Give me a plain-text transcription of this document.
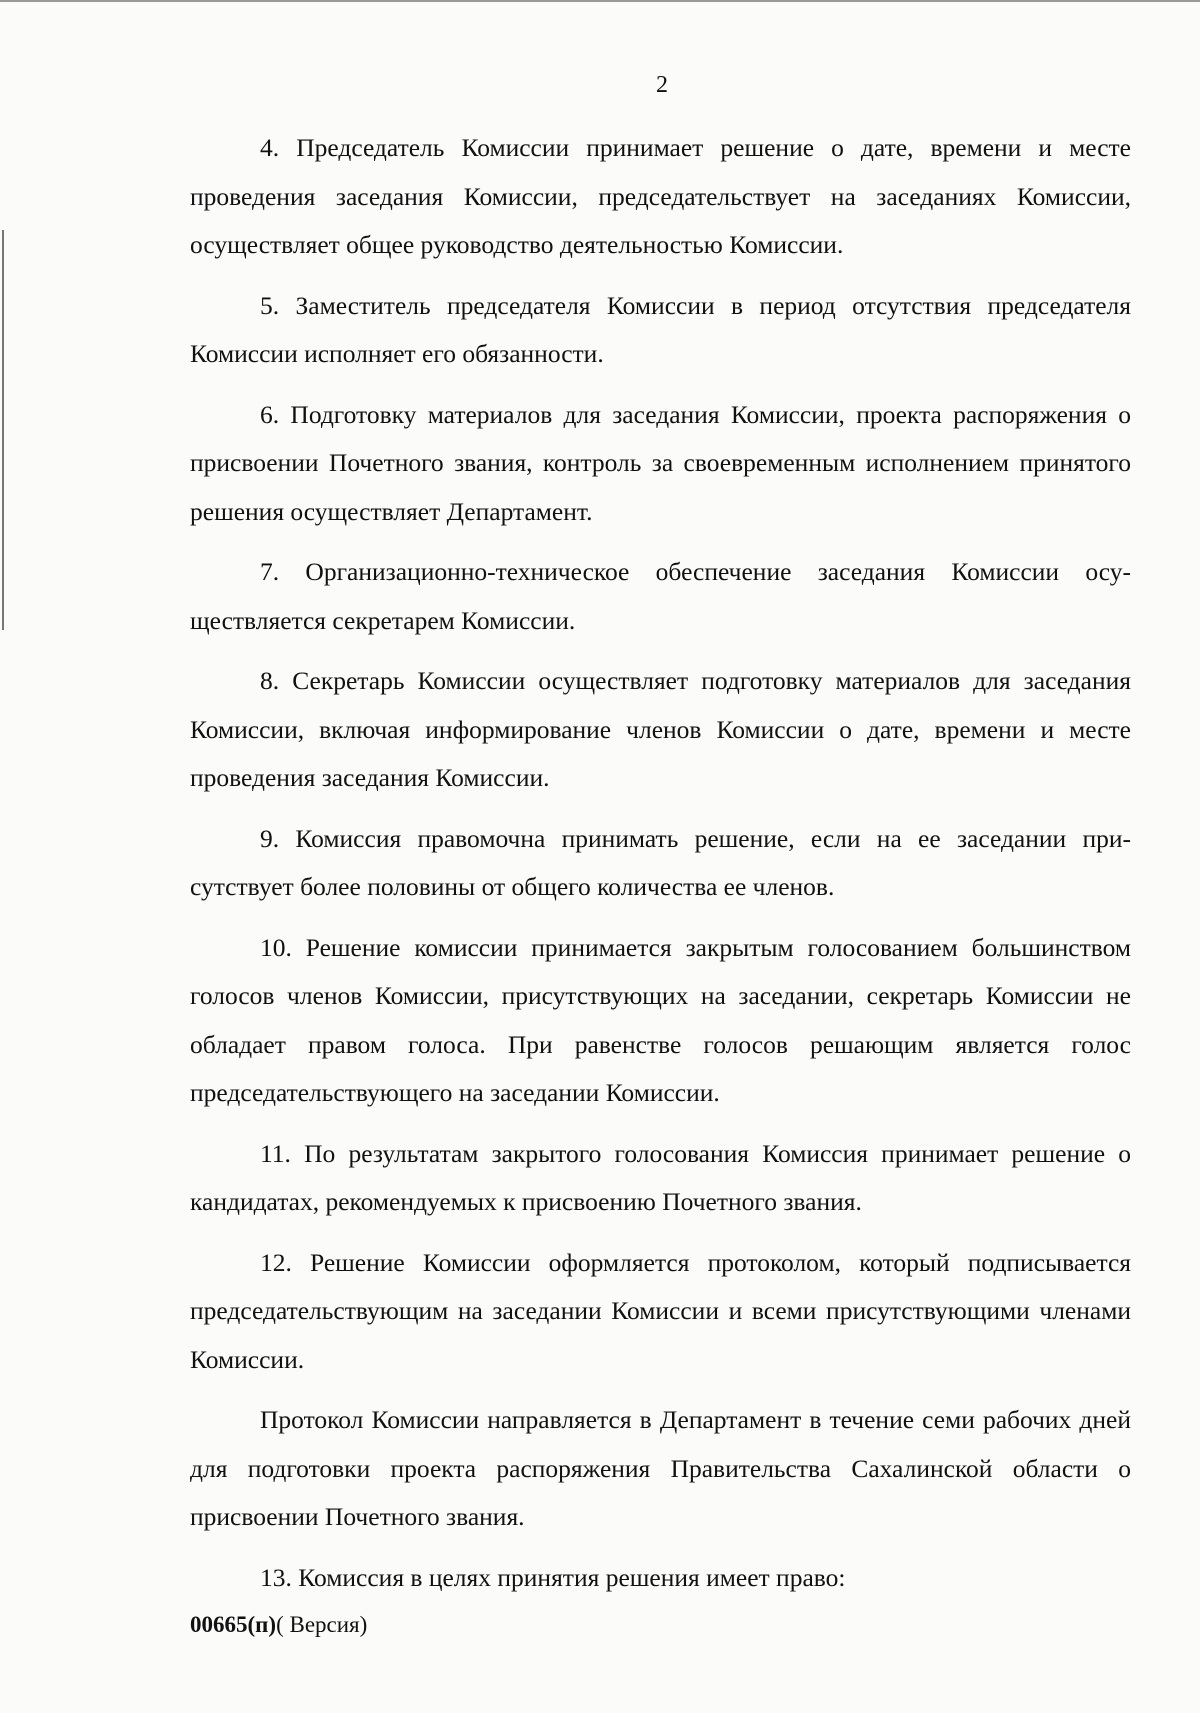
2

4. Председатель Комиссии принимает решение о дате, времени и месте проведения заседания Комиссии, председательствует на заседаниях Комиссии, осуществляет общее руководство деятельностью Комиссии.

5. Заместитель председателя Комиссии в период отсутствия председателя Комиссии исполняет его обязанности.

6. Подготовку материалов для заседания Комиссии, проекта распоряжения о присвоении Почетного звания, контроль за своевременным исполнением принятого решения осуществляет Департамент.

7. Организационно-техническое обеспечение заседания Комиссии осуществляется секретарем Комиссии.

8. Секретарь Комиссии осуществляет подготовку материалов для заседания Комиссии, включая информирование членов Комиссии о дате, времени и месте проведения заседания Комиссии.

9. Комиссия правомочна принимать решение, если на ее заседании присутствует более половины от общего количества ее членов.

10. Решение комиссии принимается закрытым голосованием большинством голосов членов Комиссии, присутствующих на заседании, секретарь Комиссии не обладает правом голоса. При равенстве голосов решающим является голос председательствующего на заседании Комиссии.

11. По результатам закрытого голосования Комиссия принимает решение о кандидатах, рекомендуемых к присвоению Почетного звания.

12. Решение Комиссии оформляется протоколом, который подписывается председательствующим на заседании Комиссии и всеми присутствующими членами Комиссии.

Протокол Комиссии направляется в Департамент в течение семи рабочих дней для подготовки проекта распоряжения Правительства Сахалинской области о присвоении Почетного звания.

13. Комиссия в целях принятия решения имеет право:

00665(п)( Версия)
